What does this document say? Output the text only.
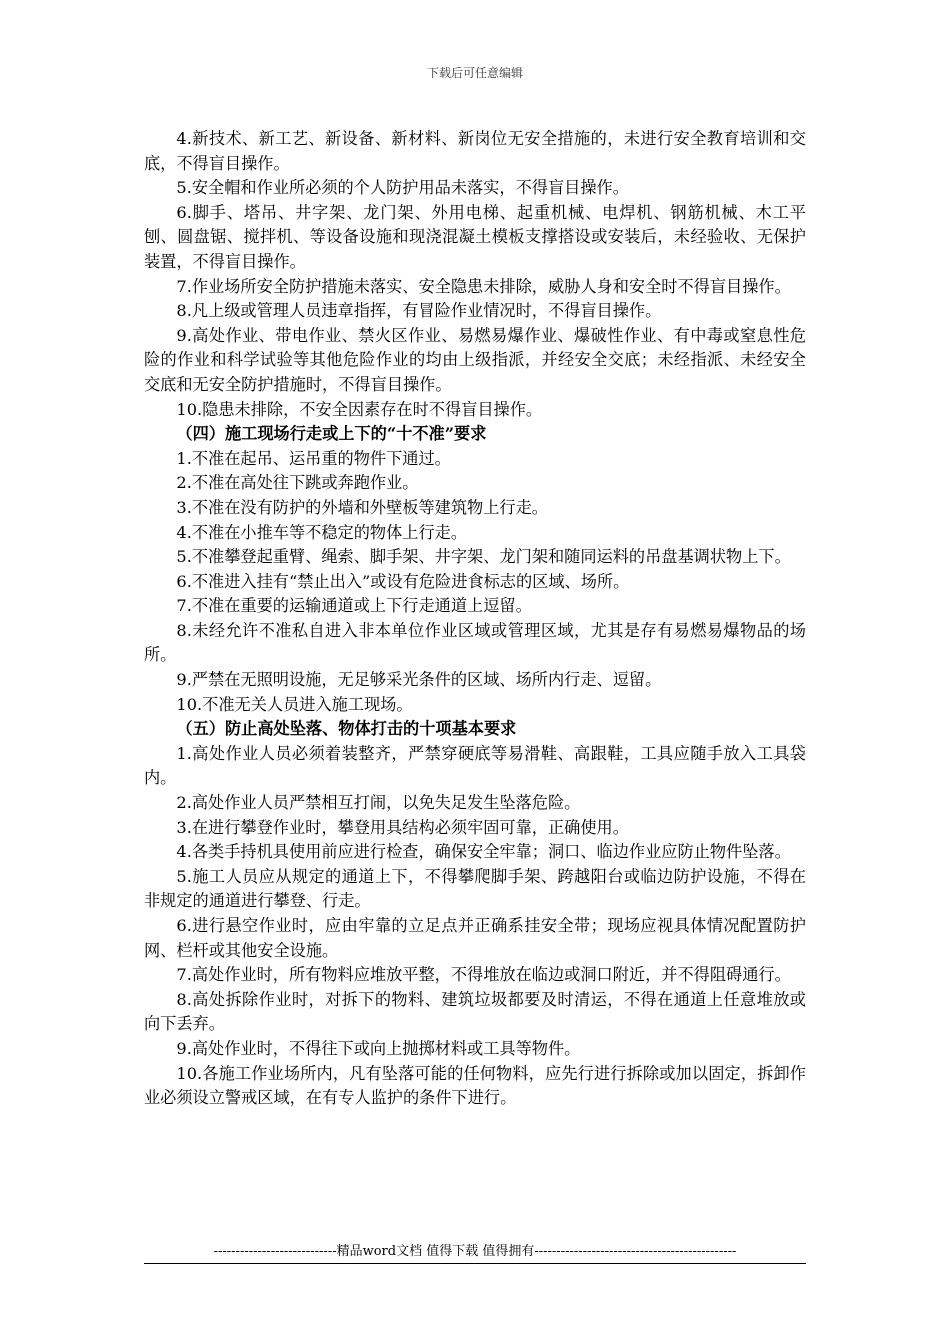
下载后可任意编辑

4.新技术、新工艺、新设备、新材料、新岗位无安全措施的，未进行安全教育培训和交底，不得盲目操作。

5.安全帽和作业所必须的个人防护用品未落实，不得盲目操作。

6.脚手、塔吊、井字架、龙门架、外用电梯、起重机械、电焊机、钢筋机械、木工平刨、圆盘锯、搅拌机、等设备设施和现浇混凝土模板支撑搭设或安装后，未经验收、无保护装置，不得盲目操作。

7.作业场所安全防护措施未落实、安全隐患未排除，威胁人身和安全时不得盲目操作。

8.凡上级或管理人员违章指挥，有冒险作业情况时，不得盲目操作。

9.高处作业、带电作业、禁火区作业、易燃易爆作业、爆破性作业、有中毒或窒息性危险的作业和科学试验等其他危险作业的均由上级指派，并经安全交底；未经指派、未经安全交底和无安全防护措施时，不得盲目操作。

10.隐患未排除，不安全因素存在时不得盲目操作。

（四）施工现场行走或上下的“十不准”要求

1.不准在起吊、运吊重的物件下通过。

2.不准在高处往下跳或奔跑作业。

3.不准在没有防护的外墙和外壁板等建筑物上行走。

4.不准在小推车等不稳定的物体上行走。

5.不准攀登起重臂、绳索、脚手架、井字架、龙门架和随同运料的吊盘基调状物上下。

6.不准进入挂有“禁止出入”或设有危险进食标志的区域、场所。

7.不准在重要的运输通道或上下行走通道上逗留。

8.未经允许不准私自进入非本单位作业区域或管理区域，尤其是存有易燃易爆物品的场所。

9.严禁在无照明设施，无足够采光条件的区域、场所内行走、逗留。

10.不准无关人员进入施工现场。

（五）防止高处坠落、物体打击的十项基本要求

1.高处作业人员必须着装整齐，严禁穿硬底等易滑鞋、高跟鞋，工具应随手放入工具袋内。

2.高处作业人员严禁相互打闹，以免失足发生坠落危险。

3.在进行攀登作业时，攀登用具结构必须牢固可靠，正确使用。

4.各类手持机具使用前应进行检查，确保安全牢靠；洞口、临边作业应防止物件坠落。

5.施工人员应从规定的通道上下，不得攀爬脚手架、跨越阳台或临边防护设施，不得在非规定的通道进行攀登、行走。

6.进行悬空作业时，应由牢靠的立足点并正确系挂安全带；现场应视具体情况配置防护网、栏杆或其他安全设施。

7.高处作业时，所有物料应堆放平整，不得堆放在临边或洞口附近，并不得阻碍通行。

8.高处拆除作业时，对拆下的物料、建筑垃圾都要及时清运，不得在通道上任意堆放或向下丢弃。

9.高处作业时，不得往下或向上抛掷材料或工具等物件。

10.各施工作业场所内，凡有坠落可能的任何物料，应先行进行拆除或加以固定，拆卸作业必须设立警戒区域，在有专人监护的条件下进行。

----------------------------精品word文档 值得下载 值得拥有----------------------------------------------
